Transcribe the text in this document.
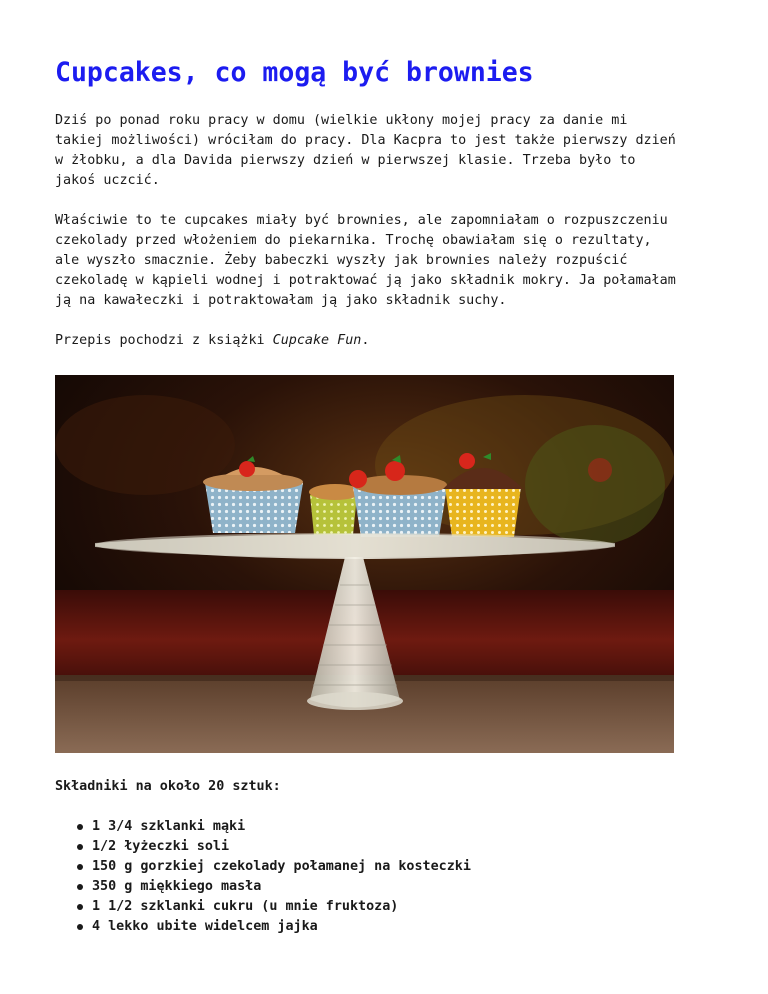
Cupcakes, co mogą być brownies

Dziś po ponad roku pracy w domu (wielkie ukłony mojej pracy za danie mi
takiej możliwości) wróciłam do pracy. Dla Kacpra to jest także pierwszy dzień
w żłobku, a dla Davida pierwszy dzień w pierwszej klasie. Trzeba było to
jakoś uczcić.

Właściwie to te cupcakes miały być brownies, ale zapomniałam o rozpuszczeniu
czekolady przed włożeniem do piekarnika. Trochę obawiałam się o rezultaty,
ale wyszło smacznie. Żeby babeczki wyszły jak brownies należy rozpuścić
czekoladę w kąpieli wodnej i potraktować ją jako składnik mokry. Ja połamałam
ją na kawałeczki i potraktowałam ją jako składnik suchy.

Przepis pochodzi z książki Cupcake Fun.

Składniki na około 20 sztuk:

1 3/4 szklanki mąki
1/2 łyżeczki soli
150 g gorzkiej czekolady połamanej na kosteczki
350 g miękkiego masła
1 1/2 szklanki cukru (u mnie fruktoza)
4 lekko ubite widelcem jajka
